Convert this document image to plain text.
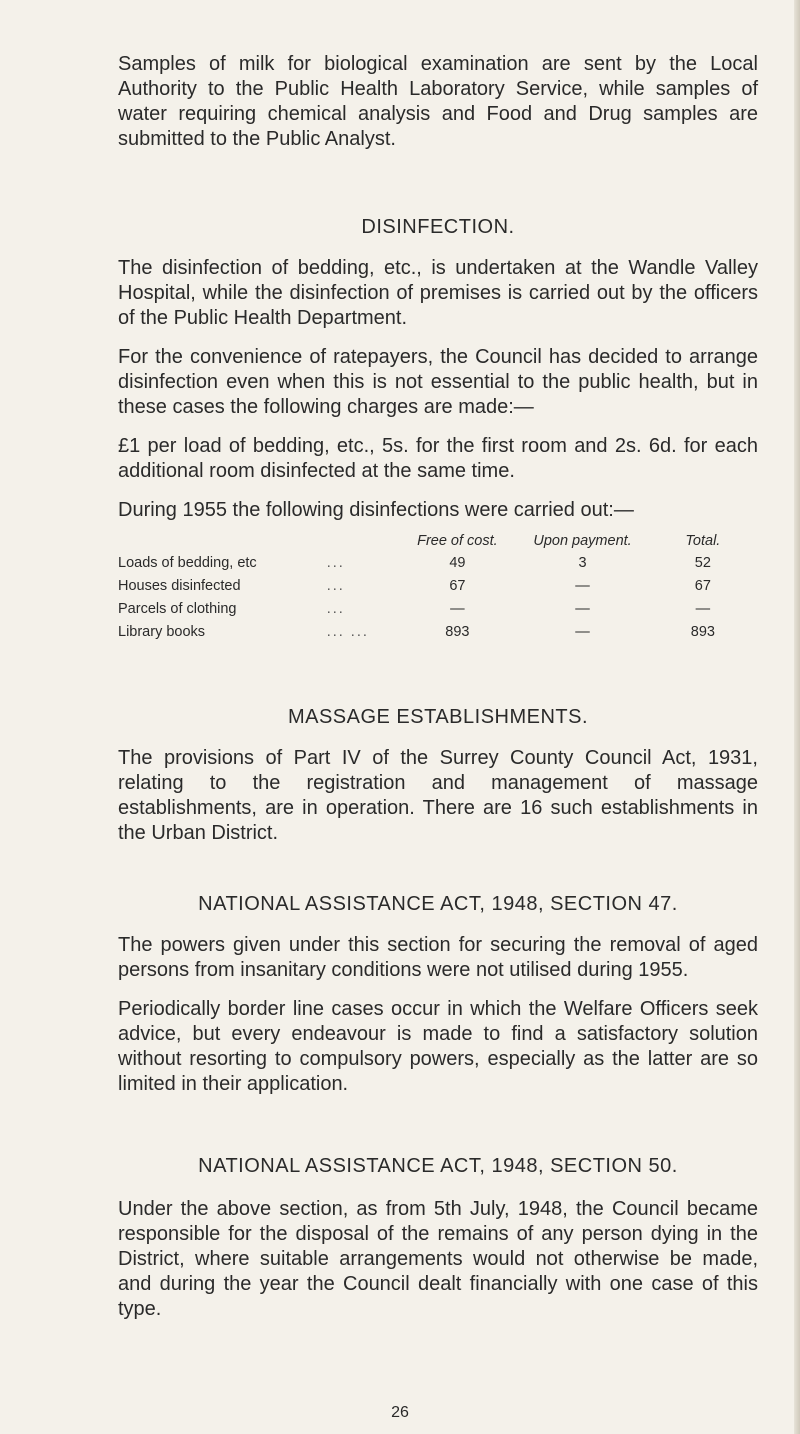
Samples of milk for biological examination are sent by the Local Authority to the Public Health Laboratory Service, while samples of water requiring chemical analysis and Food and Drug samples are submitted to the Public Analyst.

DISINFECTION.

The disinfection of bedding, etc., is undertaken at the Wandle Valley Hospital, while the disinfection of premises is carried out by the officers of the Public Health Department.

For the convenience of ratepayers, the Council has decided to arrange disinfection even when this is not essential to the public health, but in these cases the following charges are made:—

£1 per load of bedding, etc., 5s. for the first room and 2s. 6d. for each additional room disinfected at the same time.

During 1955 the following disinfections were carried out:—

		Free of cost.	Upon payment.	Total.
Loads of bedding, etc	...	49	3	52
Houses disinfected	...	67	—	67
Parcels of clothing	...	—	—	—
Library books	... ...	893	—	893
MASSAGE ESTABLISHMENTS.

The provisions of Part IV of the Surrey County Council Act, 1931, relating to the registration and management of massage establishments, are in operation. There are 16 such establishments in the Urban District.

NATIONAL ASSISTANCE ACT, 1948, SECTION 47.

The powers given under this section for securing the removal of aged persons from insanitary conditions were not utilised during 1955.

Periodically border line cases occur in which the Welfare Officers seek advice, but every endeavour is made to find a satisfactory solution without resorting to compulsory powers, especially as the latter are so limited in their application.

NATIONAL ASSISTANCE ACT, 1948, SECTION 50.

Under the above section, as from 5th July, 1948, the Council became responsible for the disposal of the remains of any person dying in the District, where suitable arrangements would not otherwise be made, and during the year the Council dealt financially with one case of this type.

26
